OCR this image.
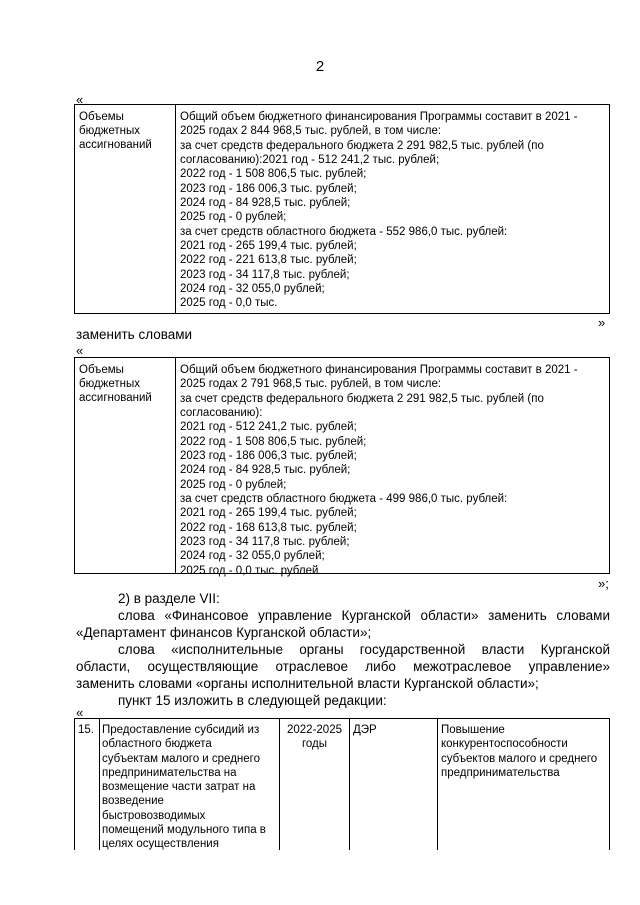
2
«
Объемы
бюджетных
ассигнований
Общий объем бюджетного финансирования Программы составит в 2021 -
2025 годах 2 844 968,5 тыс. рублей, в том числе:
за счет средств федерального бюджета 2 291 982,5 тыс. рублей (по
согласованию):2021 год - 512 241,2 тыс. рублей;
2022 год - 1 508 806,5 тыс. рублей;
2023 год - 186 006,3 тыс. рублей;
2024 год - 84 928,5 тыс. рублей;
2025 год - 0 рублей;
за счет средств областного бюджета - 552 986,0 тыс. рублей:
2021 год - 265 199,4 тыс. рублей;
2022 год - 221 613,8 тыс. рублей;
2023 год - 34 117,8 тыс. рублей;
2024 год - 32 055,0 рублей;
2025 год - 0,0 тыс.
»
заменить словами
«
Объемы
бюджетных
ассигнований
Общий объем бюджетного финансирования Программы составит в 2021 -
2025 годах 2 791 968,5 тыс. рублей, в том числе:
за счет средств федерального бюджета 2 291 982,5 тыс. рублей (по
согласованию):
2021 год - 512 241,2 тыс. рублей;
2022 год - 1 508 806,5 тыс. рублей;
2023 год - 186 006,3 тыс. рублей;
2024 год - 84 928,5 тыс. рублей;
2025 год - 0 рублей;
за счет средств областного бюджета - 499 986,0 тыс. рублей:
2021 год - 265 199,4 тыс. рублей;
2022 год - 168 613,8 тыс. рублей;
2023 год - 34 117,8 тыс. рублей;
2024 год - 32 055,0 рублей;
2025 год - 0,0 тыс. рублей
»;
2) в разделе VII:
слова «Финансовое управление Курганской области» заменить словами
«Департамент финансов Курганской области»;
слова «исполнительные органы государственной власти Курганской
области, осуществляющие отраслевое либо межотраслевое управление»
заменить словами «органы исполнительной власти Курганской области»;
пункт 15 изложить в следующей редакции:
«
15. Предоставление субсидий из
областного бюджета
субъектам малого и среднего
предпринимательства на
возмещение части затрат на
возведение
быстровозводимых
помещений модульного типа в
целях осуществления
2022-2025
годы
ДЭР	Повышение
конкурентоспособности
субъектов малого и среднего
предпринимательства
